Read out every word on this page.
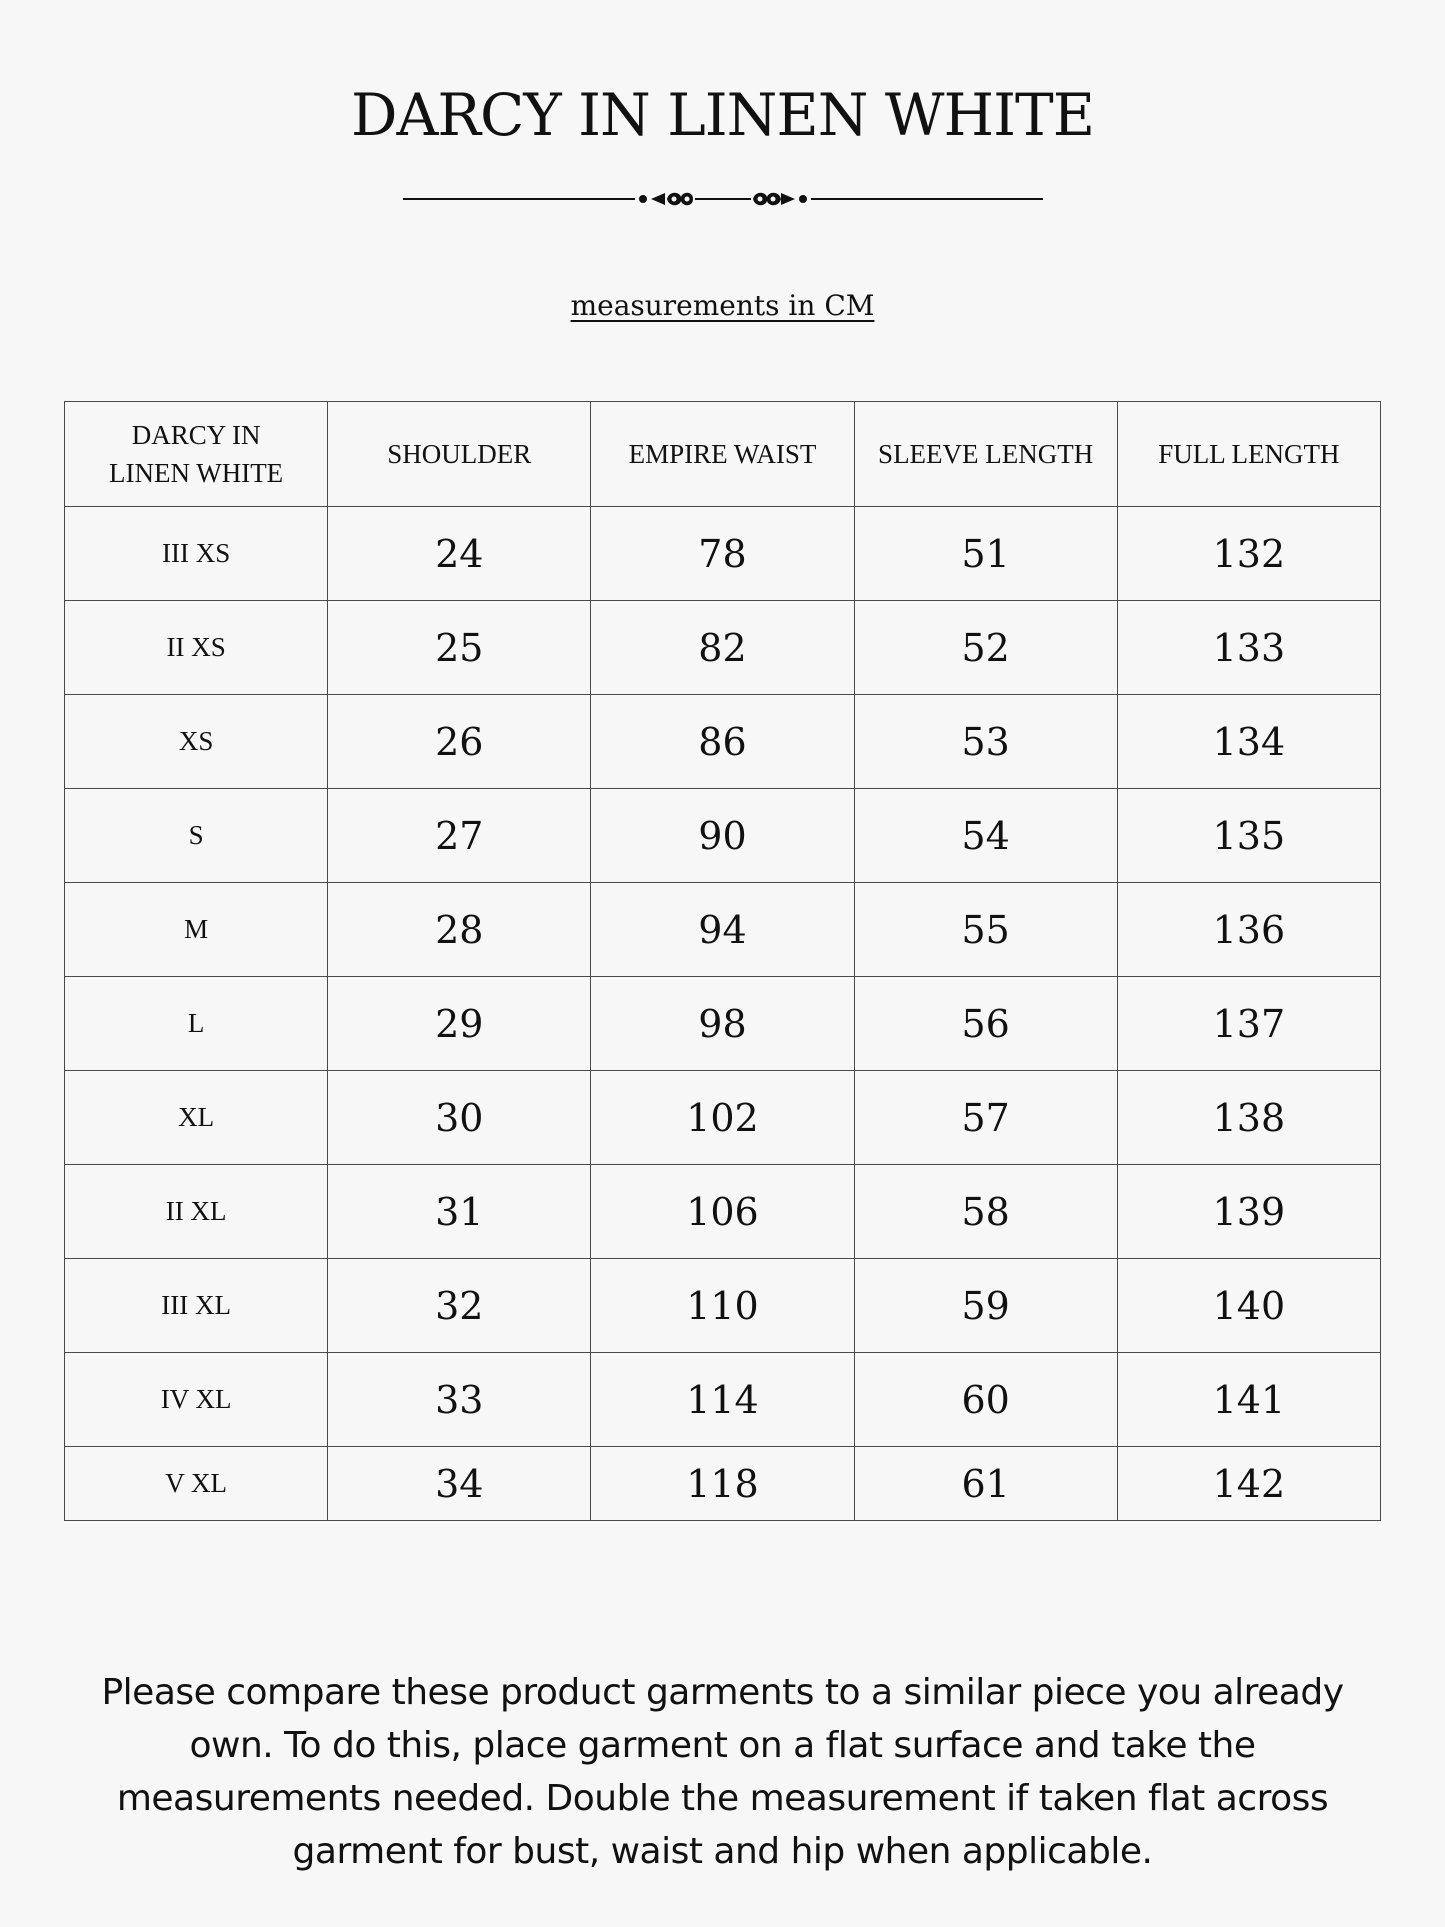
DARCY IN LINEN WHITE
measurements in CM
DARCY IN
LINEN WHITE	SHOULDER	EMPIRE WAIST	SLEEVE LENGTH	FULL LENGTH
III XS	24	78	51	132
II XS	25	82	52	133
XS	26	86	53	134
S	27	90	54	135
M	28	94	55	136
L	29	98	56	137
XL	30	102	57	138
II XL	31	106	58	139
III XL	32	110	59	140
IV XL	33	114	60	141
V XL	34	118	61	142

Please compare these product garments to a similar piece you already own. To do this, place garment on a flat surface and take the measurements needed. Double the measurement if taken flat across garment for bust, waist and hip when applicable.
